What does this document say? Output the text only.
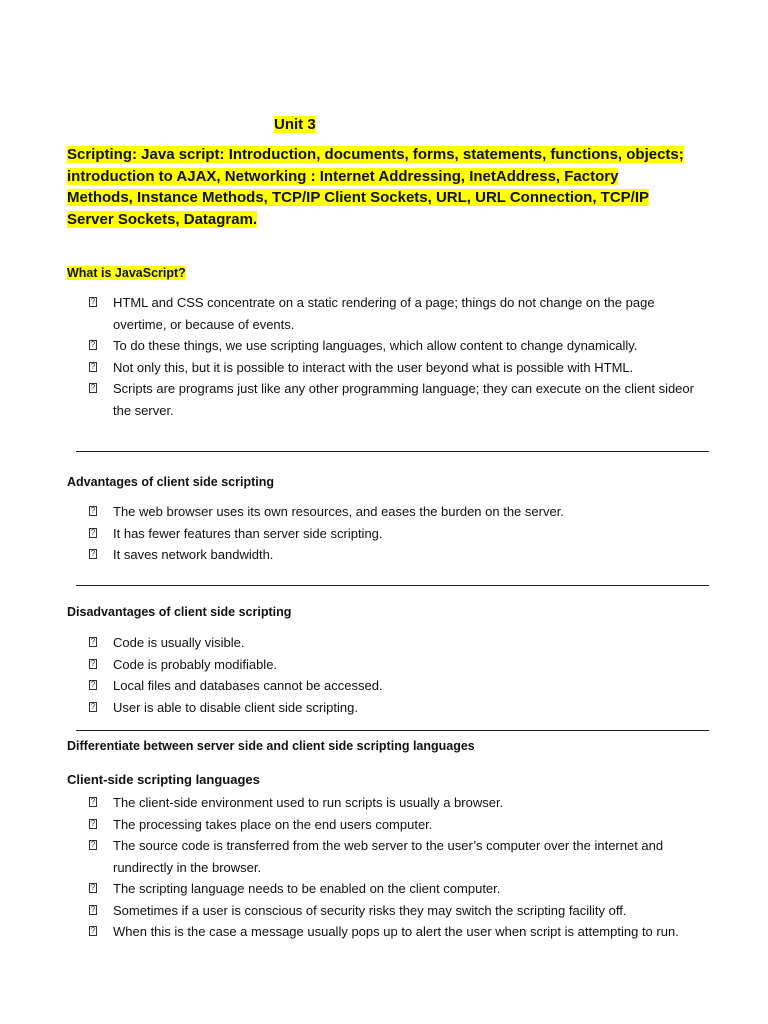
Unit 3
Scripting: Java script: Introduction, documents, forms, statements, functions, objects;
introduction to AJAX, Networking : Internet Addressing, InetAddress, Factory
Methods, Instance Methods, TCP/IP Client Sockets, URL, URL Connection, TCP/IP
Server Sockets, Datagram.
What is JavaScript?
? HTML and CSS concentrate on a static rendering of a page; things do not change on the page overtime, or because of events.
? To do these things, we use scripting languages, which allow content to change dynamically.
? Not only this, but it is possible to interact with the user beyond what is possible with HTML.
? Scripts are programs just like any other programming language; they can execute on the client sideor the server.
Advantages of client side scripting
? The web browser uses its own resources, and eases the burden on the server.
? It has fewer features than server side scripting.
? It saves network bandwidth.
Disadvantages of client side scripting
? Code is usually visible.
? Code is probably modifiable.
? Local files and databases cannot be accessed.
? User is able to disable client side scripting.
Differentiate between server side and client side scripting languages
Client-side scripting languages
? The client-side environment used to run scripts is usually a browser.
? The processing takes place on the end users computer.
? The source code is transferred from the web server to the user’s computer over the internet and rundirectly in the browser.
? The scripting language needs to be enabled on the client computer.
? Sometimes if a user is conscious of security risks they may switch the scripting facility off.
? When this is the case a message usually pops up to alert the user when script is attempting to run.
